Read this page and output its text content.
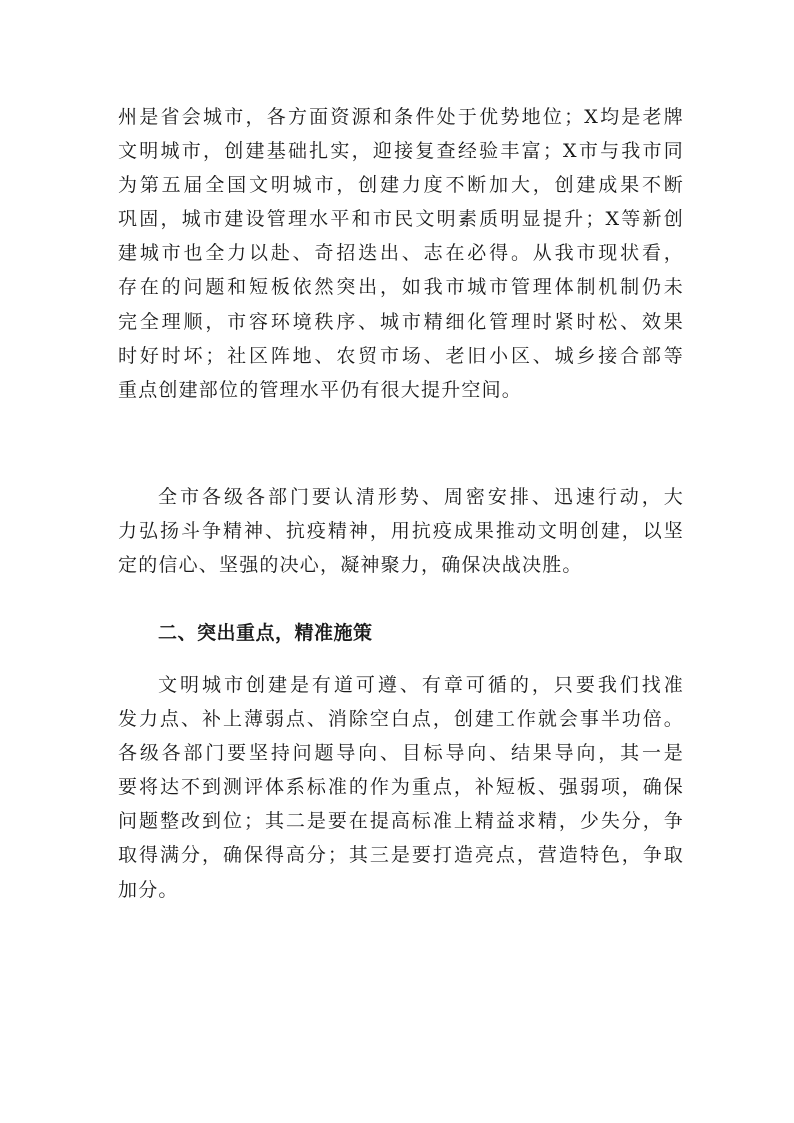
州是省会城市，各方面资源和条件处于优势地位；X均是老牌
文明城市，创建基础扎实，迎接复查经验丰富；X市与我市同
为第五届全国文明城市，创建力度不断加大，创建成果不断
巩固，城市建设管理水平和市民文明素质明显提升；X等新创
建城市也全力以赴、奇招迭出、志在必得。从我市现状看，
存在的问题和短板依然突出，如我市城市管理体制机制仍未
完全理顺，市容环境秩序、城市精细化管理时紧时松、效果
时好时坏；社区阵地、农贸市场、老旧小区、城乡接合部等
重点创建部位的管理水平仍有很大提升空间。
全市各级各部门要认清形势、周密安排、迅速行动，大
力弘扬斗争精神、抗疫精神，用抗疫成果推动文明创建，以坚
定的信心、坚强的决心，凝神聚力，确保决战决胜。
二、突出重点，精准施策
文明城市创建是有道可遵、有章可循的，只要我们找准
发力点、补上薄弱点、消除空白点，创建工作就会事半功倍。
各级各部门要坚持问题导向、目标导向、结果导向，其一是
要将达不到测评体系标准的作为重点，补短板、强弱项，确保
问题整改到位；其二是要在提高标准上精益求精，少失分，争
取得满分，确保得高分；其三是要打造亮点，营造特色，争取
加分。
